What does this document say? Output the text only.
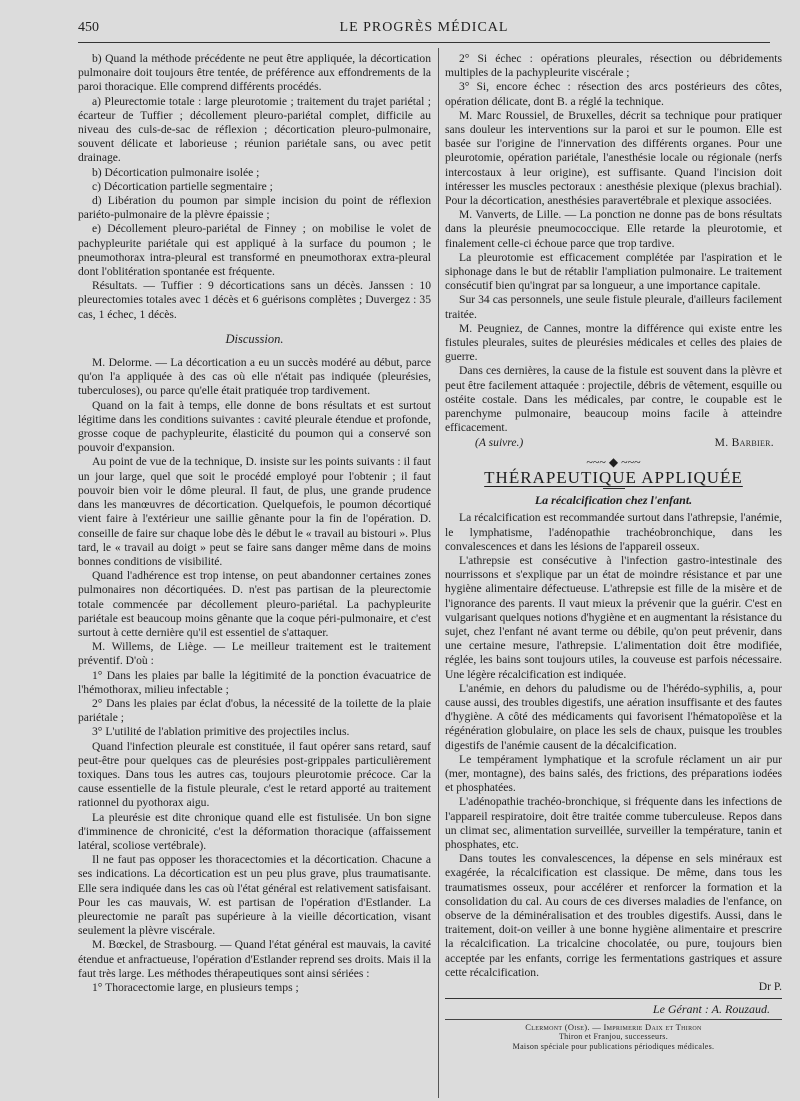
450	LE PROGRÈS MÉDICAL

b) Quand la méthode précédente ne peut être appliquée, la décortication pulmonaire doit toujours être tentée, de préférence aux effondrements de la paroi thoracique. Elle comprend différents procédés.

a) Pleurectomie totale : large pleurotomie ; traitement du trajet pariétal ; écarteur de Tuffier ; décollement pleuro-pariétal complet, difficile au niveau des culs-de-sac de réflexion ; décortication pleuro-pulmonaire, souvent délicate et laborieuse ; réunion pariétale sans, ou avec petit drainage.

b) Décortication pulmonaire isolée ;

c) Décortication partielle segmentaire ;

d) Libération du poumon par simple incision du point de réflexion pariéto-pulmonaire de la plèvre épaissie ;

e) Décollement pleuro-pariétal de Finney ; on mobilise le volet de pachypleurite pariétale qui est appliqué à la surface du poumon ; le pneumothorax intra-pleural est transformé en pneumothorax extra-pleural dont l'oblitération spontanée est fréquente.

Résultats. — Tuffier : 9 décortications sans un décès. Janssen : 10 pleurectomies totales avec 1 décès et 6 guérisons complètes ; Duvergez : 35 cas, 1 échec, 1 décès.

Discussion.

M. Delorme. — La décortication a eu un succès modéré au début, parce qu'on l'a appliquée à des cas où elle n'était pas indiquée (pleurésies, tuberculoses), ou parce qu'elle était pratiquée trop tardivement.

Quand on la fait à temps, elle donne de bons résultats et est surtout légitime dans les conditions suivantes : cavité pleurale étendue et profonde, grosse coque de pachypleurite, élasticité du poumon qui a conservé son pouvoir d'expansion.

Au point de vue de la technique, D. insiste sur les points suivants : il faut un jour large, quel que soit le procédé employé pour l'obtenir ; il faut pouvoir bien voir le dôme pleural. Il faut, de plus, une grande prudence dans les manœuvres de décortication. Quelquefois, le poumon décortiqué vient faire à l'extérieur une saillie gênante pour la fin de l'opération. D. conseille de faire sur chaque lobe dès le début le « travail au bistouri ». Plus tard, le « travail au doigt » peut se faire sans danger même dans de moins bonnes conditions de visibilité.

Quand l'adhérence est trop intense, on peut abandonner certaines zones pulmonaires non décortiquées. D. n'est pas partisan de la pleurectomie totale commencée par décollement pleuro-pariétal. La pachypleurite pariétale est beaucoup moins gênante que la coque péri-pulmonaire, et c'est surtout à cette dernière qu'il est essentiel de s'attaquer.

M. Willems, de Liège. — Le meilleur traitement est le traitement préventif. D'où :

1° Dans les plaies par balle la légitimité de la ponction évacuatrice de l'hémothorax, milieu infectable ;

2° Dans les plaies par éclat d'obus, la nécessité de la toilette de la plaie pariétale ;

3° L'utilité de l'ablation primitive des projectiles inclus.

Quand l'infection pleurale est constituée, il faut opérer sans retard, sauf peut-être pour quelques cas de pleurésies post-grippales particulièrement toxiques. Dans tous les autres cas, toujours pleurotomie précoce. Car la cause essentielle de la fistule pleurale, c'est le retard apporté au traitement rationnel du pyothorax aigu.

La pleurésie est dite chronique quand elle est fistulisée. Un bon signe d'imminence de chronicité, c'est la déformation thoracique (affaissement latéral, scoliose vertébrale).

Il ne faut pas opposer les thoracectomies et la décortication. Chacune a ses indications. La décortication est un peu plus grave, plus traumatisante. Elle sera indiquée dans les cas où l'état général est relativement satisfaisant. Pour les cas mauvais, W. est partisan de l'opération d'Estlander. La pleurectomie ne paraît pas supérieure à la vieille décortication, visant seulement la plèvre viscérale.

M. Bœckel, de Strasbourg. — Quand l'état général est mauvais, la cavité étendue et anfractueuse, l'opération d'Estlander reprend ses droits. Mais il la faut très large. Les méthodes thérapeutiques sont ainsi sériées :

1° Thoracectomie large, en plusieurs temps ;

2° Si échec : opérations pleurales, résection ou débridements multiples de la pachypleurite viscérale ;

3° Si, encore échec : résection des arcs postérieurs des côtes, opération délicate, dont B. a réglé la technique.

M. Marc Roussiel, de Bruxelles, décrit sa technique pour pratiquer sans douleur les interventions sur la paroi et sur le poumon. Elle est basée sur l'origine de l'innervation des différents organes. Pour une pleurotomie, opération pariétale, l'anesthésie locale ou régionale (nerfs intercostaux à leur origine), est suffisante. Quand l'incision doit intéresser les muscles pectoraux : anesthésie plexique (plexus brachial). Pour la décortication, anesthésies paravertébrale et plexique associées.

M. Vanverts, de Lille. — La ponction ne donne pas de bons résultats dans la pleurésie pneumococcique. Elle retarde la pleurotomie, et finalement celle-ci échoue parce que trop tardive.

La pleurotomie est efficacement complétée par l'aspiration et le siphonage dans le but de rétablir l'ampliation pulmonaire. Le traitement consécutif bien qu'ingrat par sa longueur, a une importance capitale.

Sur 34 cas personnels, une seule fistule pleurale, d'ailleurs facilement traitée.

M. Peugniez, de Cannes, montre la différence qui existe entre les fistules pleurales, suites de pleurésies médicales et celles des plaies de guerre.

Dans ces dernières, la cause de la fistule est souvent dans la plèvre et peut être facilement attaquée : projectile, débris de vêtement, esquille ou ostéite costale. Dans les médicales, par contre, le coupable est le parenchyme pulmonaire, beaucoup moins facile à atteindre efficacement.

(A suivre.)	M. Barbier.
~~~ ◆ ~~~
THÉRAPEUTIQUE APPLIQUÉE
La récalcification chez l'enfant.

La récalcification est recommandée surtout dans l'athrepsie, l'anémie, le lymphatisme, l'adénopathie trachéobronchique, dans les convalescences et dans les lésions de l'appareil osseux.

L'athrepsie est consécutive à l'infection gastro-intestinale des nourrissons et s'explique par un état de moindre résistance et par une hygiène alimentaire défectueuse. L'athrepsie est fille de la misère et de l'ignorance des parents. Il vaut mieux la prévenir que la guérir. C'est en vulgarisant quelques notions d'hygiène et en augmentant la résistance du sujet, chez l'enfant né avant terme ou débile, qu'on peut prévenir, dans une certaine mesure, l'athrepsie. L'alimentation doit être modifiée, réglée, les bains sont toujours utiles, la couveuse est parfois nécessaire. Une légère récalcification est indiquée.

L'anémie, en dehors du paludisme ou de l'hérédo-syphilis, a, pour cause aussi, des troubles digestifs, une aération insuffisante et des fautes d'hygiène. A côté des médicaments qui favorisent l'hématopoïèse et la régénération globulaire, on place les sels de chaux, puisque les troubles digestifs de l'anémie causent de la décalcification.

Le tempérament lymphatique et la scrofule réclament un air pur (mer, montagne), des bains salés, des frictions, des préparations iodées et phosphatées.

L'adénopathie trachéo-bronchique, si fréquente dans les infections de l'appareil respiratoire, doit être traitée comme tuberculeuse. Repos dans un climat sec, alimentation surveillée, surveiller la température, tanin et phosphates, etc.

Dans toutes les convalescences, la dépense en sels minéraux est exagérée, la récalcification est classique. De même, dans tous les traumatismes osseux, pour accélérer et renforcer la formation et la consolidation du cal. Au cours de ces diverses maladies de l'enfance, on observe de la déminéralisation et des troubles digestifs. Aussi, dans le traitement, doit-on veiller à une bonne hygiène alimentaire et prescrire la récalcification. La tricalcine chocolatée, ou pure, toujours bien acceptée par les enfants, corrige les fermentations gastriques et assure cette récalcification.

Dr P.

Le Gérant : A. Rouzaud.
Clermont (Oise). — Imprimerie Daix et Thiron
Thiron et Franjou, successeurs.
Maison spéciale pour publications périodiques médicales.
